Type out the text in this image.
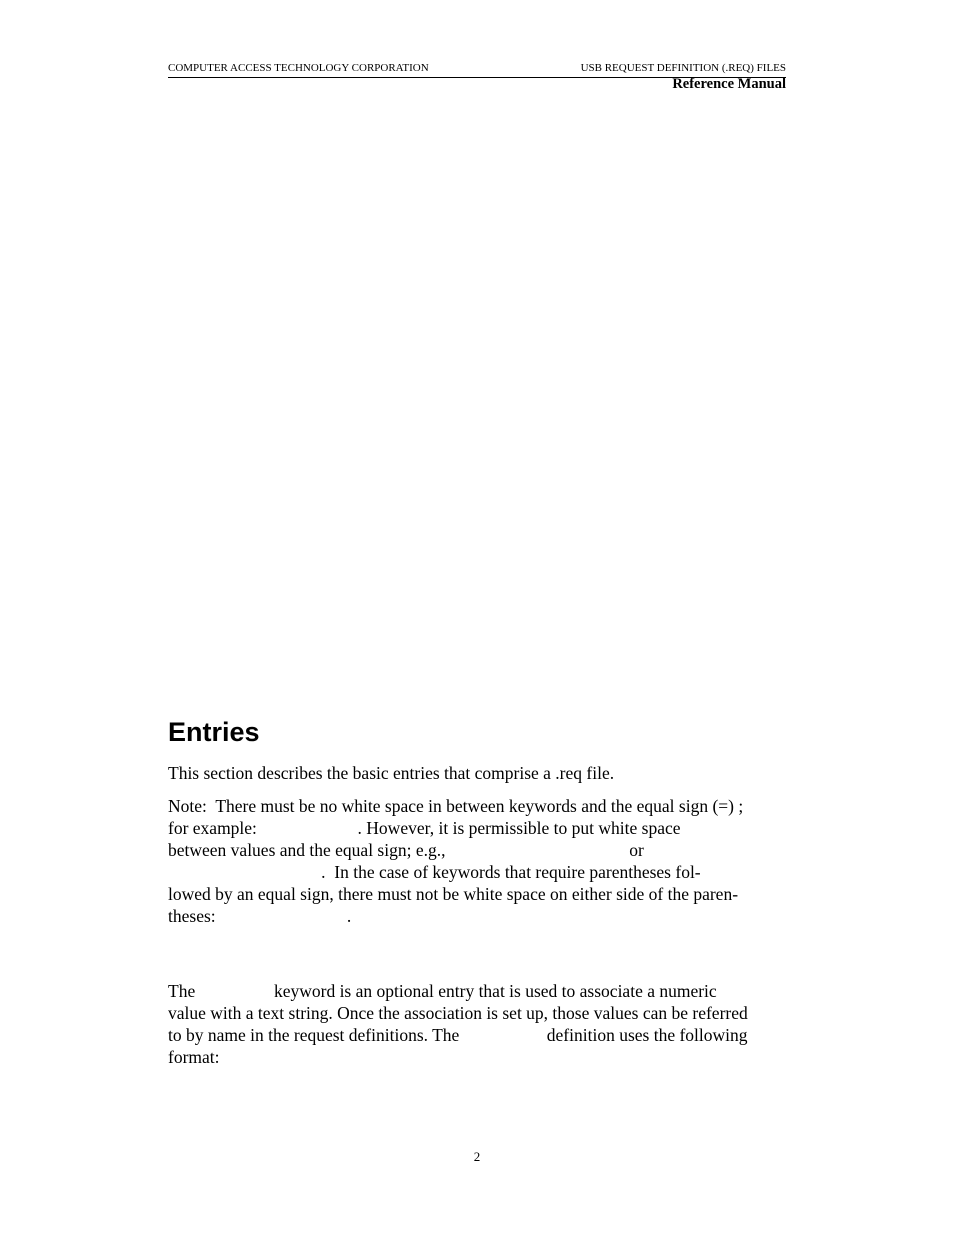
COMPUTER ACCESS TECHNOLOGY CORPORATION	USB REQUEST DEFINITION (.REQ) FILES
Reference Manual
Entries

This section describes the basic entries that comprise a .req file.

Note:  There must be no white space in between keywords and the equal sign (=) ;
for example:                       . However, it is permissible to put white space
between values and the equal sign; e.g.,                                          or
.  In the case of keywords that require parentheses fol-
lowed by an equal sign, there must not be white space on either side of the paren-
theses:                              .

The                  keyword is an optional entry that is used to associate a numeric
value with a text string. Once the association is set up, those values can be referred
to by name in the request definitions. The                    definition uses the following
format:

2
